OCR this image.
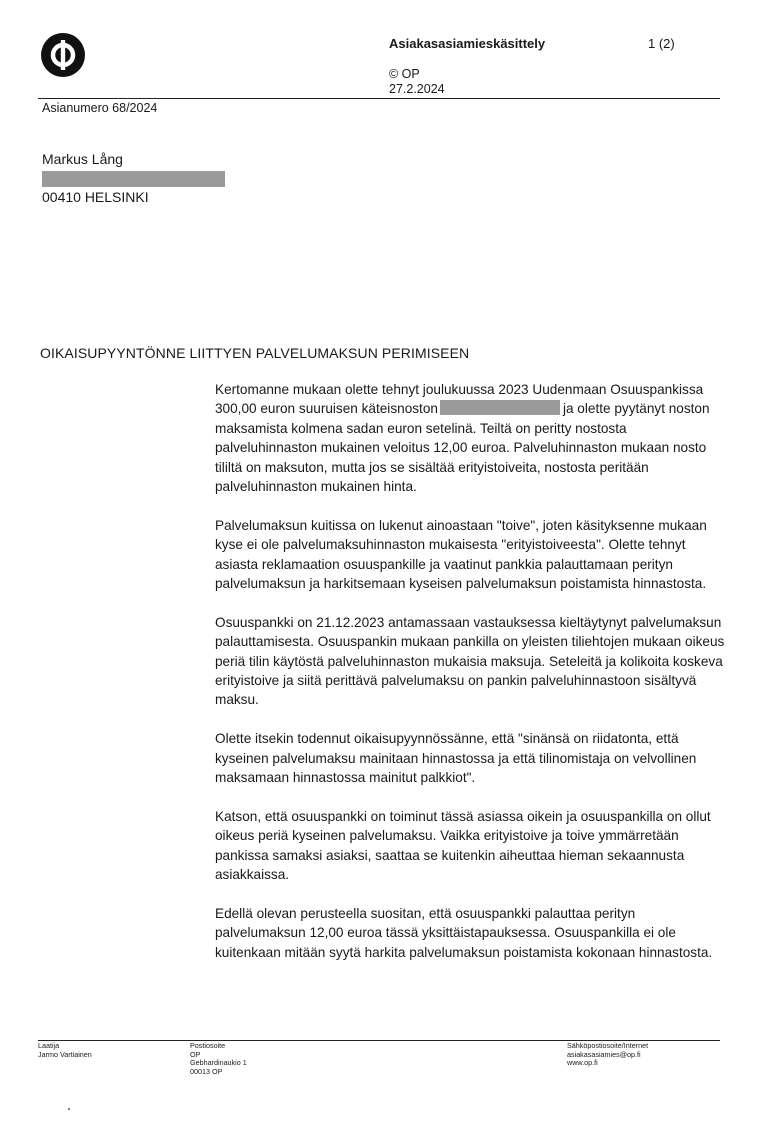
Asiakasasiamieskäsittely	1 (2)
© OP
27.2.2024
Asianumero 68/2024
Markus Lång
00410 HELSINKI
OIKAISUPYYNTÖNNE LIITTYEN PALVELUMAKSUN PERIMISEEN

Kertomanne mukaan olette tehnyt joulukuussa 2023 Uudenmaan Osuuspankissa 300,00 euron suuruisen käteisnoston	ja olette pyytänyt noston maksamista kolmena sadan euron setelinä. Teiltä on peritty nostosta palveluhinnaston mukainen veloitus 12,00 euroa. Palveluhinnaston mukaan nosto tililtä on maksuton, mutta jos se sisältää erityistoiveita, nostosta peritään palveluhinnaston mukainen hinta.

Palvelumaksun kuitissa on lukenut ainoastaan "toive", joten käsityksenne mukaan kyse ei ole palvelumaksuhinnaston mukaisesta "erityistoiveesta". Olette tehnyt asiasta reklamaation osuuspankille ja vaatinut pankkia palauttamaan perityn palvelumaksun ja harkitsemaan kyseisen palvelumaksun poistamista hinnastosta.

Osuuspankki on 21.12.2023 antamassaan vastauksessa kieltäytynyt palvelumaksun palauttamisesta. Osuuspankin mukaan pankilla on yleisten tiliehtojen mukaan oikeus periä tilin käytöstä palveluhinnaston mukaisia maksuja. Seteleitä ja kolikoita koskeva erityistoive ja siitä perittävä palvelumaksu on pankin palveluhinnastoon sisältyvä maksu.

Olette itsekin todennut oikaisupyynnössänne, että "sinänsä on riidatonta, että kyseinen palvelumaksu mainitaan hinnastossa ja että tilinomistaja on velvollinen maksamaan hinnastossa mainitut palkkiot".

Katson, että osuuspankki on toiminut tässä asiassa oikein ja osuuspankilla on ollut oikeus periä kyseinen palvelumaksu. Vaikka erityistoive ja toive ymmärretään pankissa samaksi asiaksi, saattaa se kuitenkin aiheuttaa hieman sekaannusta asiakkaissa.

Edellä olevan perusteella suositan, että osuuspankki palauttaa perityn palvelumaksun 12,00 euroa tässä yksittäistapauksessa. Osuuspankilla ei ole kuitenkaan mitään syytä harkita palvelumaksun poistamista kokonaan hinnastosta.

Laatija
Jarmo Vartiainen
Postiosoite
OP
Gebhardinaukio 1
00013 OP
Sähköpostiosoite/Internet
asiakasasiamies@op.fi
www.op.fi
